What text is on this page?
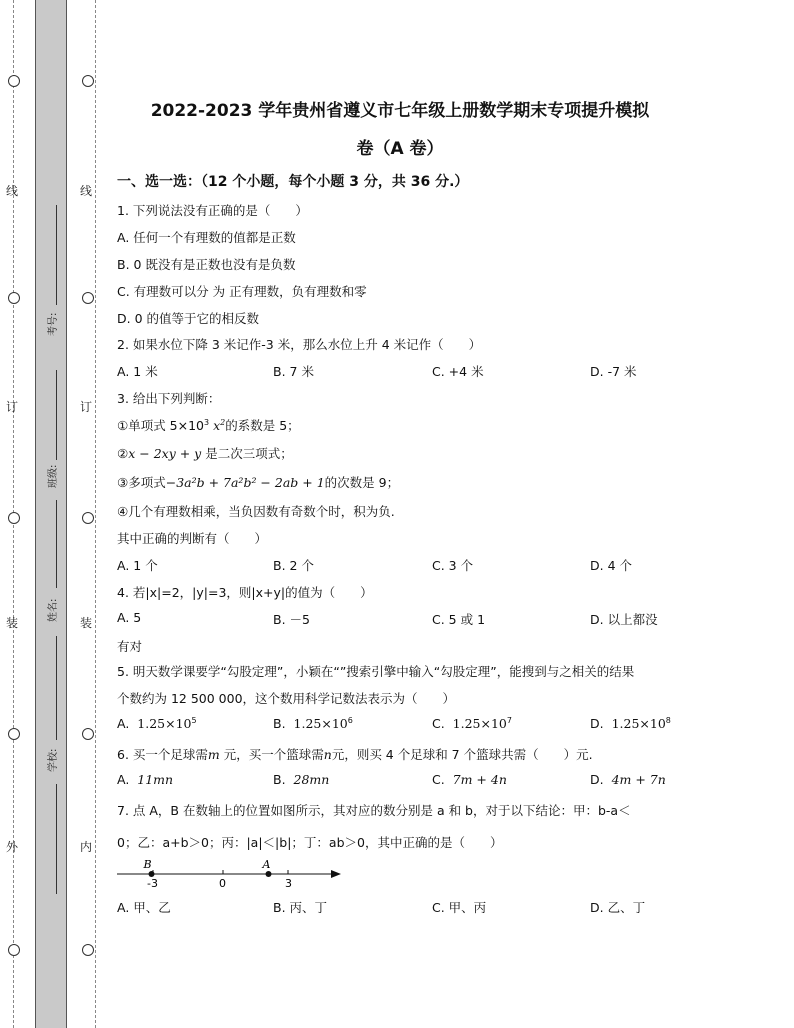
线
订
装
外
线
订
装
内
考号:
班级:
姓名:
学校:
2022-2023 学年贵州省遵义市七年级上册数学期末专项提升模拟
卷（A 卷）
一、选一选：（12 个小题，每个小题 3 分，共 36 分.）
1. 下列说法没有正确的是（　　）
A. 任何一个有理数的值都是正数
B. 0 既没有是正数也没有是负数
C. 有理数可以分 为 正有理数，负有理数和零
D. 0 的值等于它的相反数
2. 如果水位下降 3 米记作-3 米，那么水位上升 4 米记作（　　）
A. 1 米	B. 7 米	C. +4 米	D. -7 米
3. 给出下列判断：
①单项式 $5\times 10^3$ $x^2$的系数是 5；
②x − 2xy + y 是二次三项式；
③多项式−3a²b + 7a²b² − 2ab + 1的次数是 9；
④几个有理数相乘，当负因数有奇数个时，积为负.
其中正确的判断有（　　）
A. 1 个	B. 2 个	C. 3 个	D. 4 个
4. 若|x|=2，|y|=3，则|x+y|的值为（　　）
A. 5	B. －5	C. 5 或 1	D. 以上都没
有对
5. 明天数学课要学“勾股定理”，小颖在“”搜索引擎中输入“勾股定理”，能搜到与之相关的结果
个数约为 12 500 000，这个数用科学记数法表示为（　　）
A. $1.25\times 10^5$	B. $1.25\times 10^6$	C. $1.25\times 10^7$	D. $1.25\times 10^8$
6. 买一个足球需m 元，买一个篮球需n元，则买 4 个足球和 7 个篮球共需（　　）元.
A. 11mn	B. 28mn	C. 7m + 4n	D. 4m + 7n
7. 点 A，B 在数轴上的位置如图所示，其对应的数分别是 a 和 b，对于以下结论：甲：b-a＜
0；乙：a+b＞0；丙：|a|＜|b|；丁：ab＞0，其中正确的是（　　）
B	A
-3	0	3
A. 甲、乙	B. 丙、丁	C. 甲、丙	D. 乙、丁
